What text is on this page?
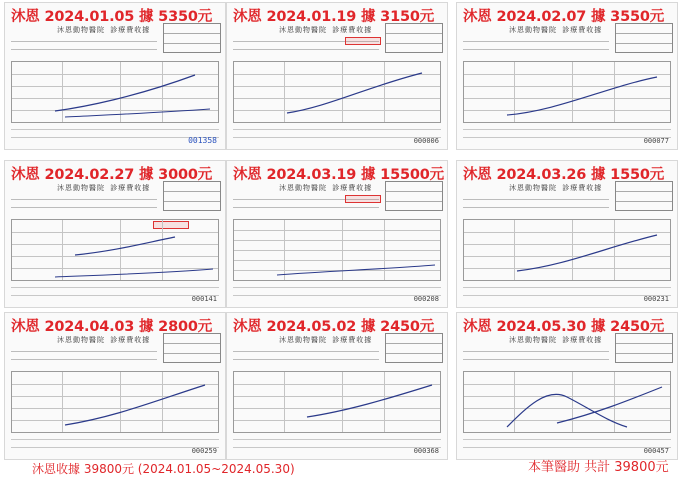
沐恩 2024.01.05 據 5350元
沐恩動物醫院 診療費收據
001358
沐恩 2024.01.19 據 3150元
沐恩動物醫院 診療費收據
000006
沐恩 2024.02.07 據 3550元
沐恩動物醫院 診療費收據
000077
沐恩 2024.02.27 據 3000元
沐恩動物醫院 診療費收據
000141
沐恩 2024.03.19 據 15500元
沐恩動物醫院 診療費收據
000208
沐恩 2024.03.26 據 1550元
沐恩動物醫院 診療費收據
000231
沐恩 2024.04.03 據 2800元
沐恩動物醫院 診療費收據
000259
沐恩 2024.05.02 據 2450元
沐恩動物醫院 診療費收據
000368
沐恩 2024.05.30 據 2450元
沐恩動物醫院 診療費收據
000457
沐恩收據 39800元 (2024.01.05~2024.05.30)	本筆醫助 共計 39800元
